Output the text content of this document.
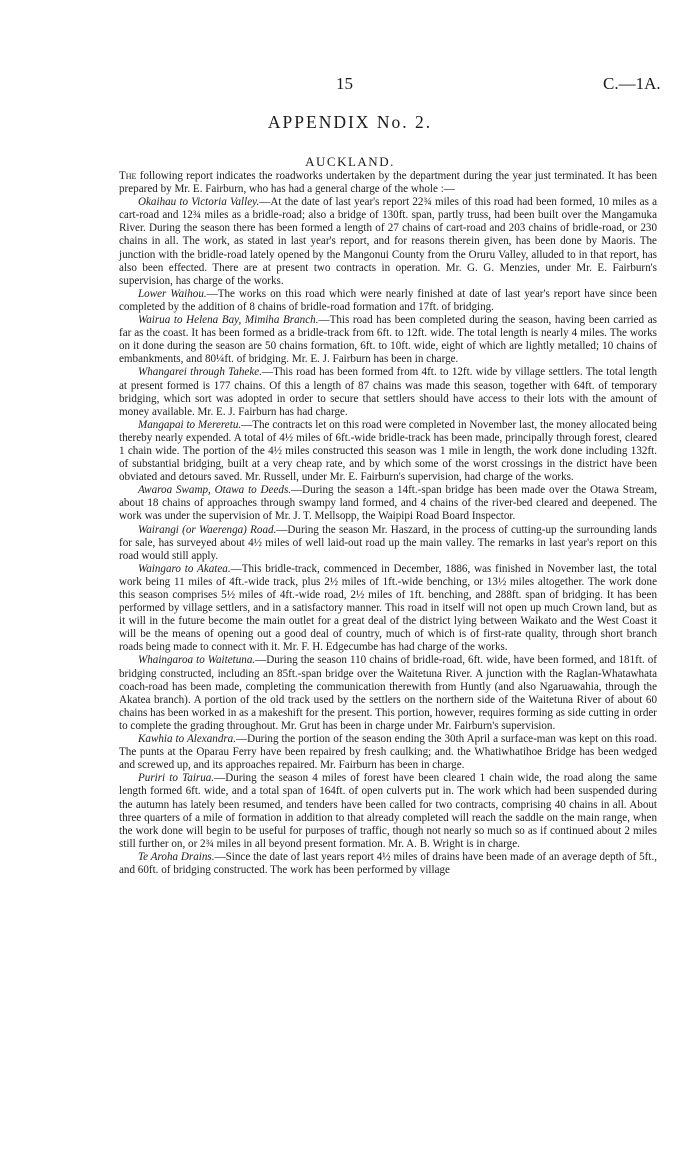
15	C.—1A.
APPENDIX No. 2.
AUCKLAND.

The following report indicates the roadworks undertaken by the department during the year just terminated. It has been prepared by Mr. E. Fairburn, who has had a general charge of the whole :—

Okaihau to Victoria Valley.—At the date of last year's report 22¾ miles of this road had been formed, 10 miles as a cart-road and 12¾ miles as a bridle-road; also a bridge of 130ft. span, partly truss, had been built over the Mangamuka River. During the season there has been formed a length of 27 chains of cart-road and 203 chains of bridle-road, or 230 chains in all. The work, as stated in last year's report, and for reasons therein given, has been done by Maoris. The junction with the bridle-road lately opened by the Mangonui County from the Oruru Valley, alluded to in that report, has also been effected. There are at present two contracts in operation. Mr. G. G. Menzies, under Mr. E. Fairburn's supervision, has charge of the works.

Lower Waihou.—The works on this road which were nearly finished at date of last year's report have since been completed by the addition of 8 chains of bridle-road formation and 17ft. of bridging.

Wairua to Helena Bay, Mimiha Branch.—This road has been completed during the season, having been carried as far as the coast. It has been formed as a bridle-track from 6ft. to 12ft. wide. The total length is nearly 4 miles. The works on it done during the season are 50 chains formation, 6ft. to 10ft. wide, eight of which are lightly metalled; 10 chains of embankments, and 80¼ft. of bridging. Mr. E. J. Fairburn has been in charge.

Whangarei through Taheke.—This road has been formed from 4ft. to 12ft. wide by village settlers. The total length at present formed is 177 chains. Of this a length of 87 chains was made this season, together with 64ft. of temporary bridging, which sort was adopted in order to secure that settlers should have access to their lots with the amount of money available. Mr. E. J. Fairburn has had charge.

Mangapai to Mereretu.—The contracts let on this road were completed in November last, the money allocated being thereby nearly expended. A total of 4½ miles of 6ft.-wide bridle-track has been made, principally through forest, cleared 1 chain wide. The portion of the 4½ miles constructed this season was 1 mile in length, the work done including 132ft. of substantial bridging, built at a very cheap rate, and by which some of the worst crossings in the district have been obviated and detours saved. Mr. Russell, under Mr. E. Fairburn's supervision, had charge of the works.

Awaroa Swamp, Otawa to Deeds.—During the season a 14ft.-span bridge has been made over the Otawa Stream, about 18 chains of approaches through swampy land formed, and 4 chains of the river-bed cleared and deepened. The work was under the supervision of Mr. J. T. Mellsopp, the Waipipi Road Board Inspector.

Wairangi (or Waerenga) Road.—During the season Mr. Haszard, in the process of cutting-up the surrounding lands for sale, has surveyed about 4½ miles of well laid-out road up the main valley. The remarks in last year's report on this road would still apply.

Waingaro to Akatea.—This bridle-track, commenced in December, 1886, was finished in November last, the total work being 11 miles of 4ft.-wide track, plus 2½ miles of 1ft.-wide benching, or 13½ miles altogether. The work done this season comprises 5½ miles of 4ft.-wide road, 2½ miles of 1ft. benching, and 288ft. span of bridging. It has been performed by village settlers, and in a satisfactory manner. This road in itself will not open up much Crown land, but as it will in the future become the main outlet for a great deal of the district lying between Waikato and the West Coast it will be the means of opening out a good deal of country, much of which is of first-rate quality, through short branch roads being made to connect with it. Mr. F. H. Edgecumbe has had charge of the works.

Whaingaroa to Waitetuna.—During the season 110 chains of bridle-road, 6ft. wide, have been formed, and 181ft. of bridging constructed, including an 85ft.-span bridge over the Waitetuna River. A junction with the Raglan-Whatawhata coach-road has been made, completing the communication therewith from Huntly (and also Ngaruawahia, through the Akatea branch). A portion of the old track used by the settlers on the northern side of the Waitetuna River of about 60 chains has been worked in as a makeshift for the present. This portion, however, requires forming as side cutting in order to complete the grading throughout. Mr. Grut has been in charge under Mr. Fairburn's supervision.

Kawhia to Alexandra.—During the portion of the season ending the 30th April a surface-man was kept on this road. The punts at the Oparau Ferry have been repaired by fresh caulking; and. the Whatiwhatihoe Bridge has been wedged and screwed up, and its approaches repaired. Mr. Fairburn has been in charge.

Puriri to Tairua.—During the season 4 miles of forest have been cleared 1 chain wide, the road along the same length formed 6ft. wide, and a total span of 164ft. of open culverts put in. The work which had been suspended during the autumn has lately been resumed, and tenders have been called for two contracts, comprising 40 chains in all. About three quarters of a mile of formation in addition to that already completed will reach the saddle on the main range, when the work done will begin to be useful for purposes of traffic, though not nearly so much so as if continued about 2 miles still further on, or 2¾ miles in all beyond present formation. Mr. A. B. Wright is in charge.

Te Aroha Drains.—Since the date of last years report 4½ miles of drains have been made of an average depth of 5ft., and 60ft. of bridging constructed. The work has been performed by village
